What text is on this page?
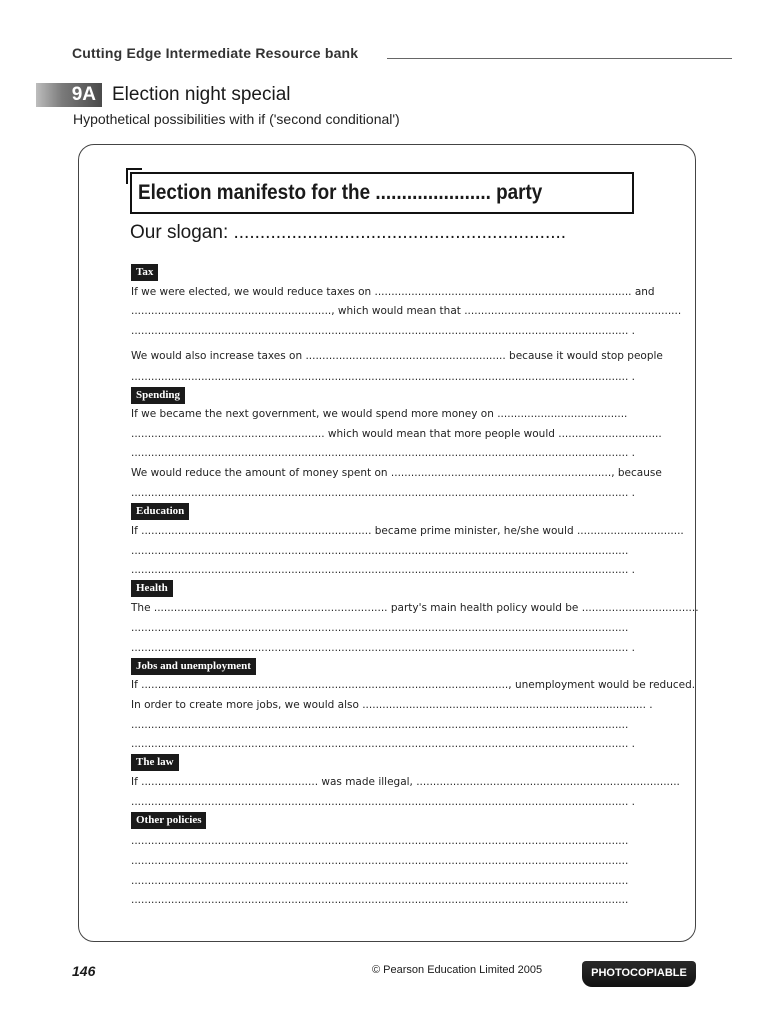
Cutting Edge Intermediate Resource bank
9A Election night special
Hypothetical possibilities with if ('second conditional')
Election manifesto for the ...................... party
Our slogan: ...............................................................
Tax
If we were elected, we would reduce taxes on ............................................................................. and
............................................................, which would mean that .................................................................
..................................................................................................................................................... .
We would also increase taxes on ............................................................ because it would stop people
..................................................................................................................................................... .
Spending
If we became the next government, we would spend more money on .......................................
.......................................................... which would mean that more people would ...............................
..................................................................................................................................................... .
We would reduce the amount of money spent on .................................................................., because
..................................................................................................................................................... .
Education
If ..................................................................... became prime minister, he/she would ................................
.....................................................................................................................................................
..................................................................................................................................................... .
Health
The ...................................................................... party's main health policy would be ...................................
.....................................................................................................................................................
..................................................................................................................................................... .
Jobs and unemployment
If .............................................................................................................., unemployment would be reduced.
In order to create more jobs, we would also ..................................................................................... .
.....................................................................................................................................................
..................................................................................................................................................... .
The law
If ..................................................... was made illegal, ...............................................................................
..................................................................................................................................................... .
Other policies
.....................................................................................................................................................
.....................................................................................................................................................
.....................................................................................................................................................
.....................................................................................................................................................
146	© Pearson Education Limited 2005	PHOTOCOPIABLE
